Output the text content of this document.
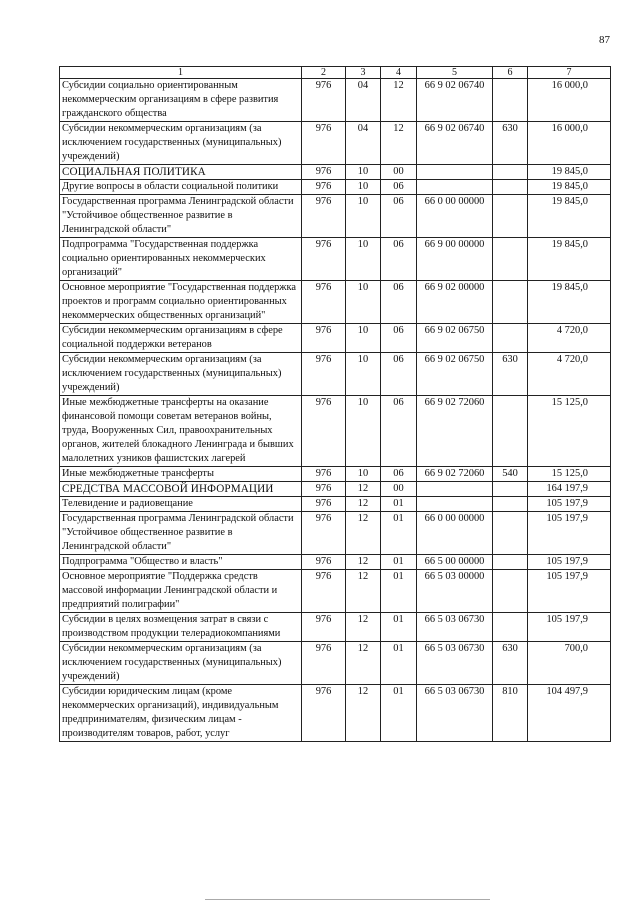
87
1	2	3	4	5	6	7
Субсидии социально ориентированным некоммерческим организациям в сфере развития гражданского общества	976	04	12	66 9 02 06740		16 000,0
Субсидии некоммерческим организациям (за исключением государственных (муниципальных) учреждений)	976	04	12	66 9 02 06740	630	16 000,0
СОЦИАЛЬНАЯ ПОЛИТИКА	976	10	00			19 845,0
Другие вопросы в области социальной политики	976	10	06			19 845,0
Государственная программа Ленинградской области "Устойчивое общественное развитие в Ленинградской области"	976	10	06	66 0 00 00000		19 845,0
Подпрограмма "Государственная поддержка социально ориентированных некоммерческих организаций"	976	10	06	66 9 00 00000		19 845,0
Основное мероприятие "Государственная поддержка проектов и программ социально ориентированных некоммерческих общественных организаций"	976	10	06	66 9 02 00000		19 845,0
Субсидии некоммерческим организациям в сфере социальной поддержки ветеранов	976	10	06	66 9 02 06750		4 720,0
Субсидии некоммерческим организациям (за исключением государственных (муниципальных) учреждений)	976	10	06	66 9 02 06750	630	4 720,0
Иные межбюджетные трансферты на оказание финансовой помощи советам ветеранов войны, труда, Вооруженных Сил, правоохранительных органов, жителей блокадного Ленинграда и бывших малолетних узников фашистских лагерей	976	10	06	66 9 02 72060		15 125,0
Иные межбюджетные трансферты	976	10	06	66 9 02 72060	540	15 125,0
СРЕДСТВА МАССОВОЙ ИНФОРМАЦИИ	976	12	00			164 197,9
Телевидение и радиовещание	976	12	01			105 197,9
Государственная программа Ленинградской области "Устойчивое общественное развитие в Ленинградской области"	976	12	01	66 0 00 00000		105 197,9
Подпрограмма "Общество и власть"	976	12	01	66 5 00 00000		105 197,9
Основное мероприятие "Поддержка средств массовой информации Ленинградской области и предприятий полиграфии"	976	12	01	66 5 03 00000		105 197,9
Субсидии в целях возмещения затрат в связи с производством продукции телерадиокомпаниями	976	12	01	66 5 03 06730		105 197,9
Субсидии некоммерческим организациям (за исключением государственных (муниципальных) учреждений)	976	12	01	66 5 03 06730	630	700,0
Субсидии юридическим лицам (кроме некоммерческих организаций), индивидуальным предпринимателям, физическим лицам - производителям товаров, работ, услуг	976	12	01	66 5 03 06730	810	104 497,9
